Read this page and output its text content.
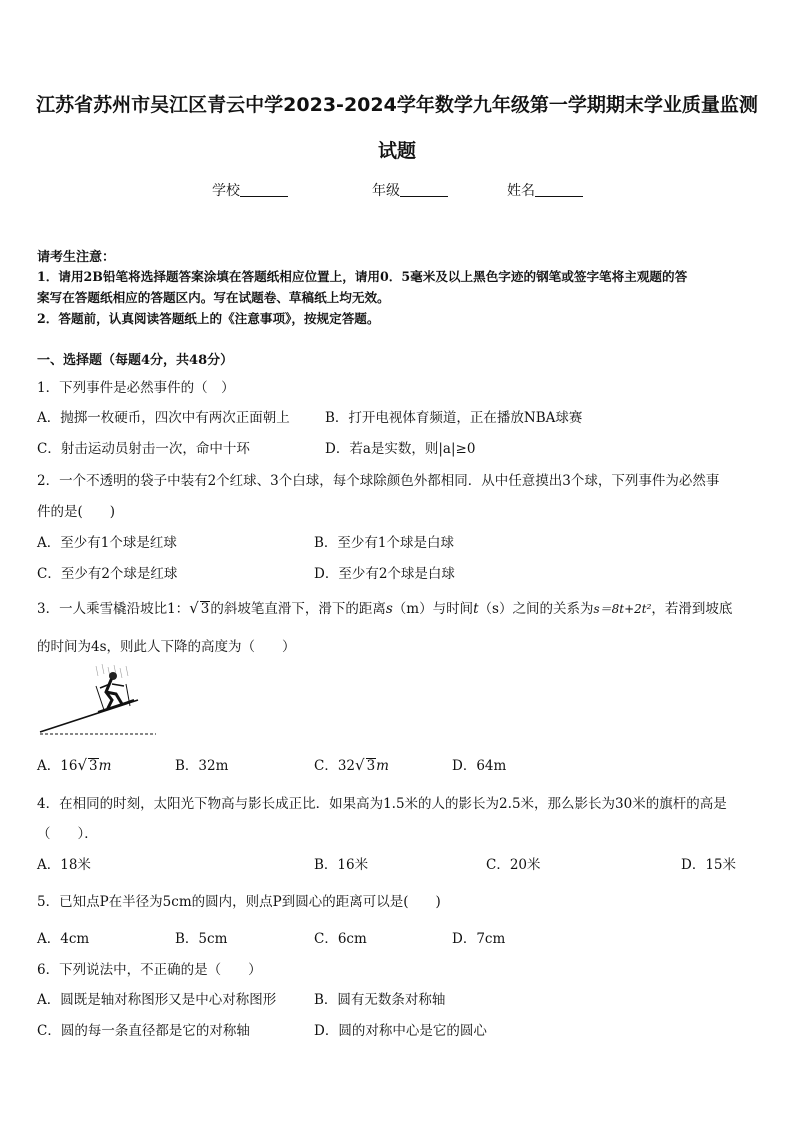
江苏省苏州市吴江区青云中学2023-2024学年数学九年级第一学期期末学业质量监测
试题
学校	年级	姓名
请考生注意：
1．请用2B铅笔将选择题答案涂填在答题纸相应位置上，请用0．5毫米及以上黑色字迹的钢笔或签字笔将主观题的答
案写在答题纸相应的答题区内。写在试题卷、草稿纸上均无效。
2．答题前，认真阅读答题纸上的《注意事项》，按规定答题。
一、选择题（每题4分，共48分）
1．下列事件是必然事件的（　）
A．抛掷一枚硬币，四次中有两次正面朝上	B．打开电视体育频道，正在播放NBA球赛
C．射击运动员射击一次，命中十环	D．若a是实数，则|a|≥0
2．一个不透明的袋子中装有2个红球、3个白球，每个球除颜色外都相同．从中任意摸出3个球，下列事件为必然事
件的是(　　)
A．至少有1个球是红球	B．至少有1个球是白球
C．至少有2个球是红球	D．至少有2个球是白球
3．一人乘雪橇沿坡比1：√ 3的斜坡笔直滑下，滑下的距离s（m）与时间t（s）之间的关系为s＝8t+2t²，若滑到坡底
的时间为4s，则此人下降的高度为（　　）
A．16√ 3m	B．32m	C．32√ 3m	D．64m
4．在相同的时刻，太阳光下物高与影长成正比．如果高为1.5米的人的影长为2.5米，那么影长为30米的旗杆的高是
（　　）．
A．18米	B．16米	C．20米	D．15米
5．已知点P在半径为5cm的圆内，则点P到圆心的距离可以是(　　)
A．4cm	B．5cm	C．6cm	D．7cm
6．下列说法中，不正确的是（　　）
A．圆既是轴对称图形又是中心对称图形	B．圆有无数条对称轴
C．圆的每一条直径都是它的对称轴	D．圆的对称中心是它的圆心
